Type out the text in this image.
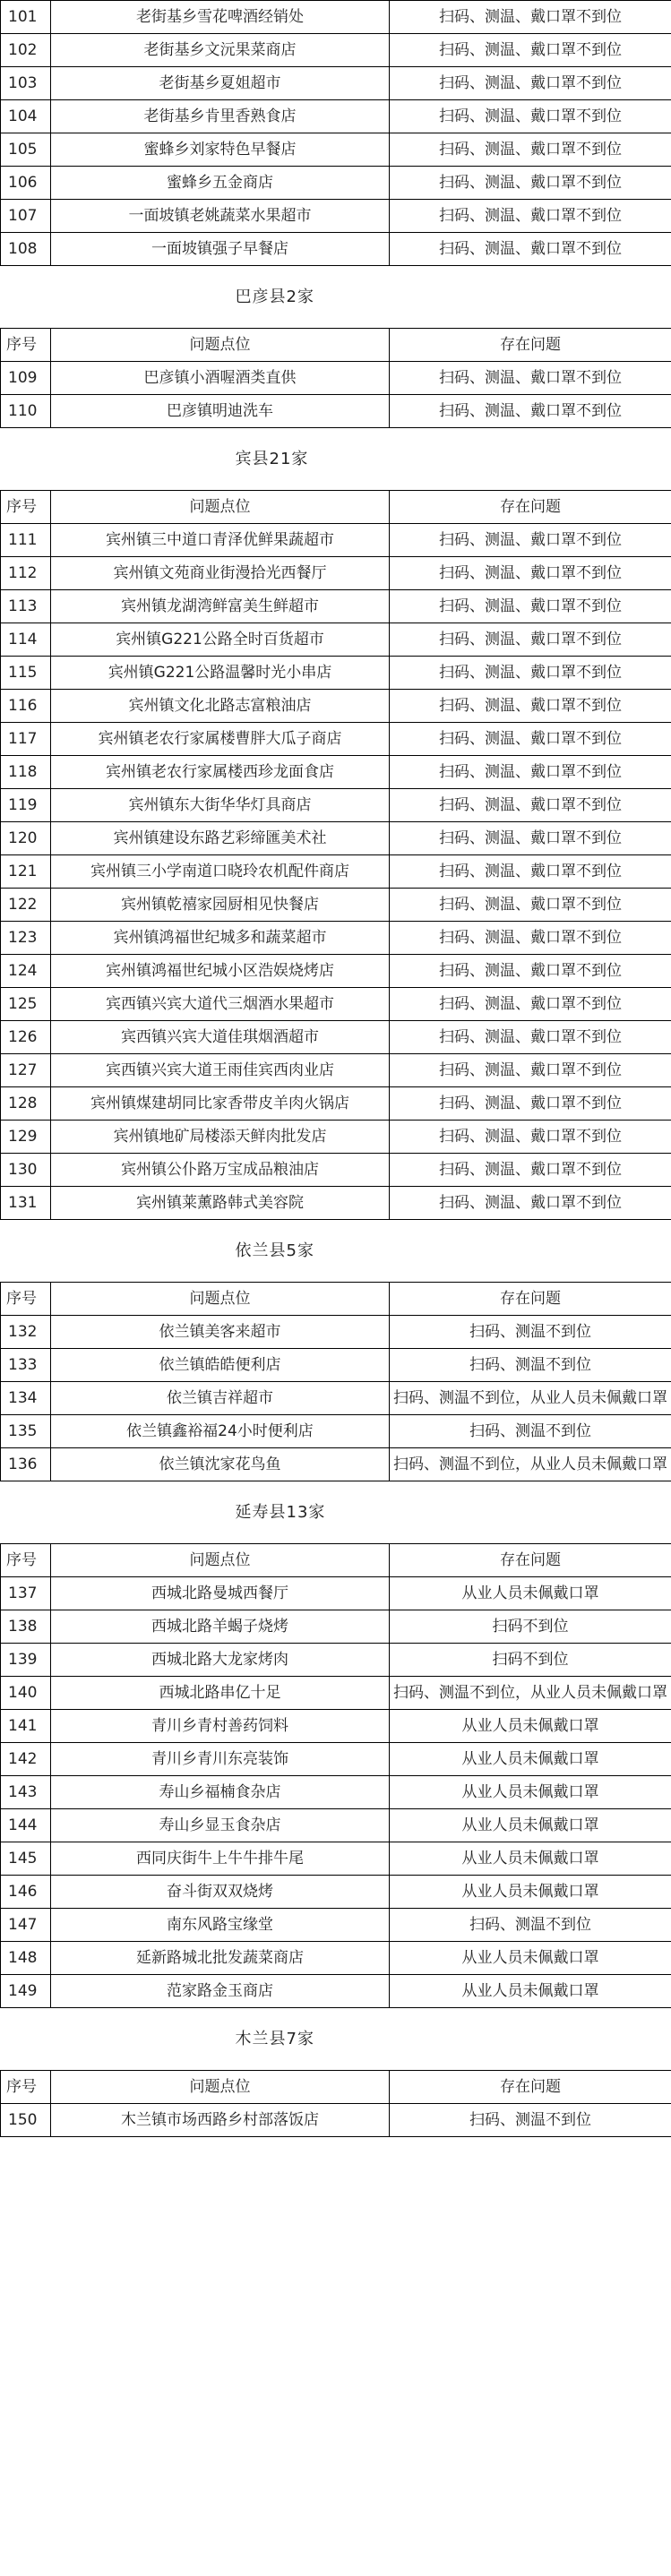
101	老街基乡雪花啤酒经销处	扫码、测温、戴口罩不到位
102	老街基乡文沅果菜商店	扫码、测温、戴口罩不到位
103	老街基乡夏姐超市	扫码、测温、戴口罩不到位
104	老街基乡肯里香熟食店	扫码、测温、戴口罩不到位
105	蜜蜂乡刘家特色早餐店	扫码、测温、戴口罩不到位
106	蜜蜂乡五金商店	扫码、测温、戴口罩不到位
107	一面坡镇老姚蔬菜水果超市	扫码、测温、戴口罩不到位
108	一面坡镇强子早餐店	扫码、测温、戴口罩不到位
巴彦县2家		
序号	问题点位	存在问题
109	巴彦镇小酒喔酒类直供	扫码、测温、戴口罩不到位
110	巴彦镇明迪洗车	扫码、测温、戴口罩不到位
宾县21家		
序号	问题点位	存在问题
111	宾州镇三中道口青泽优鲜果蔬超市	扫码、测温、戴口罩不到位
112	宾州镇文苑商业街漫拾光西餐厅	扫码、测温、戴口罩不到位
113	宾州镇龙湖湾鲜富美生鲜超市	扫码、测温、戴口罩不到位
114	宾州镇G221公路全时百货超市	扫码、测温、戴口罩不到位
115	宾州镇G221公路温馨时光小串店	扫码、测温、戴口罩不到位
116	宾州镇文化北路志富粮油店	扫码、测温、戴口罩不到位
117	宾州镇老农行家属楼曹胖大瓜子商店	扫码、测温、戴口罩不到位
118	宾州镇老农行家属楼西珍龙面食店	扫码、测温、戴口罩不到位
119	宾州镇东大街华华灯具商店	扫码、测温、戴口罩不到位
120	宾州镇建设东路艺彩缔匯美术社	扫码、测温、戴口罩不到位
121	宾州镇三小学南道口晓玲农机配件商店	扫码、测温、戴口罩不到位
122	宾州镇乾禧家园厨相见快餐店	扫码、测温、戴口罩不到位
123	宾州镇鸿福世纪城多和蔬菜超市	扫码、测温、戴口罩不到位
124	宾州镇鸿福世纪城小区浩娱烧烤店	扫码、测温、戴口罩不到位
125	宾西镇兴宾大道代三烟酒水果超市	扫码、测温、戴口罩不到位
126	宾西镇兴宾大道佳琪烟酒超市	扫码、测温、戴口罩不到位
127	宾西镇兴宾大道王雨佳宾西肉业店	扫码、测温、戴口罩不到位
128	宾州镇煤建胡同比家香带皮羊肉火锅店	扫码、测温、戴口罩不到位
129	宾州镇地矿局楼添天鲜肉批发店	扫码、测温、戴口罩不到位
130	宾州镇公仆路万宝成品粮油店	扫码、测温、戴口罩不到位
131	宾州镇莱薰路韩式美容院	扫码、测温、戴口罩不到位
依兰县5家		
序号	问题点位	存在问题
132	依兰镇美客来超市	扫码、测温不到位
133	依兰镇皓皓便利店	扫码、测温不到位
134	依兰镇吉祥超市	扫码、测温不到位，从业人员未佩戴口罩
135	依兰镇鑫裕福24小时便利店	扫码、测温不到位
136	依兰镇沈家花鸟鱼	扫码、测温不到位，从业人员未佩戴口罩
延寿县13家		
序号	问题点位	存在问题
137	西城北路曼城西餐厅	从业人员未佩戴口罩
138	西城北路羊蝎子烧烤	扫码不到位
139	西城北路大龙家烤肉	扫码不到位
140	西城北路串亿十足	扫码、测温不到位，从业人员未佩戴口罩
141	青川乡青村善药饲料	从业人员未佩戴口罩
142	青川乡青川东亮装饰	从业人员未佩戴口罩
143	寿山乡福楠食杂店	从业人员未佩戴口罩
144	寿山乡显玉食杂店	从业人员未佩戴口罩
145	西同庆街牛上牛牛排牛尾	从业人员未佩戴口罩
146	奋斗街双双烧烤	从业人员未佩戴口罩
147	南东风路宝缘堂	扫码、测温不到位
148	延新路城北批发蔬菜商店	从业人员未佩戴口罩
149	范家路金玉商店	从业人员未佩戴口罩
木兰县7家		
序号	问题点位	存在问题
150	木兰镇市场西路乡村部落饭店	扫码、测温不到位
